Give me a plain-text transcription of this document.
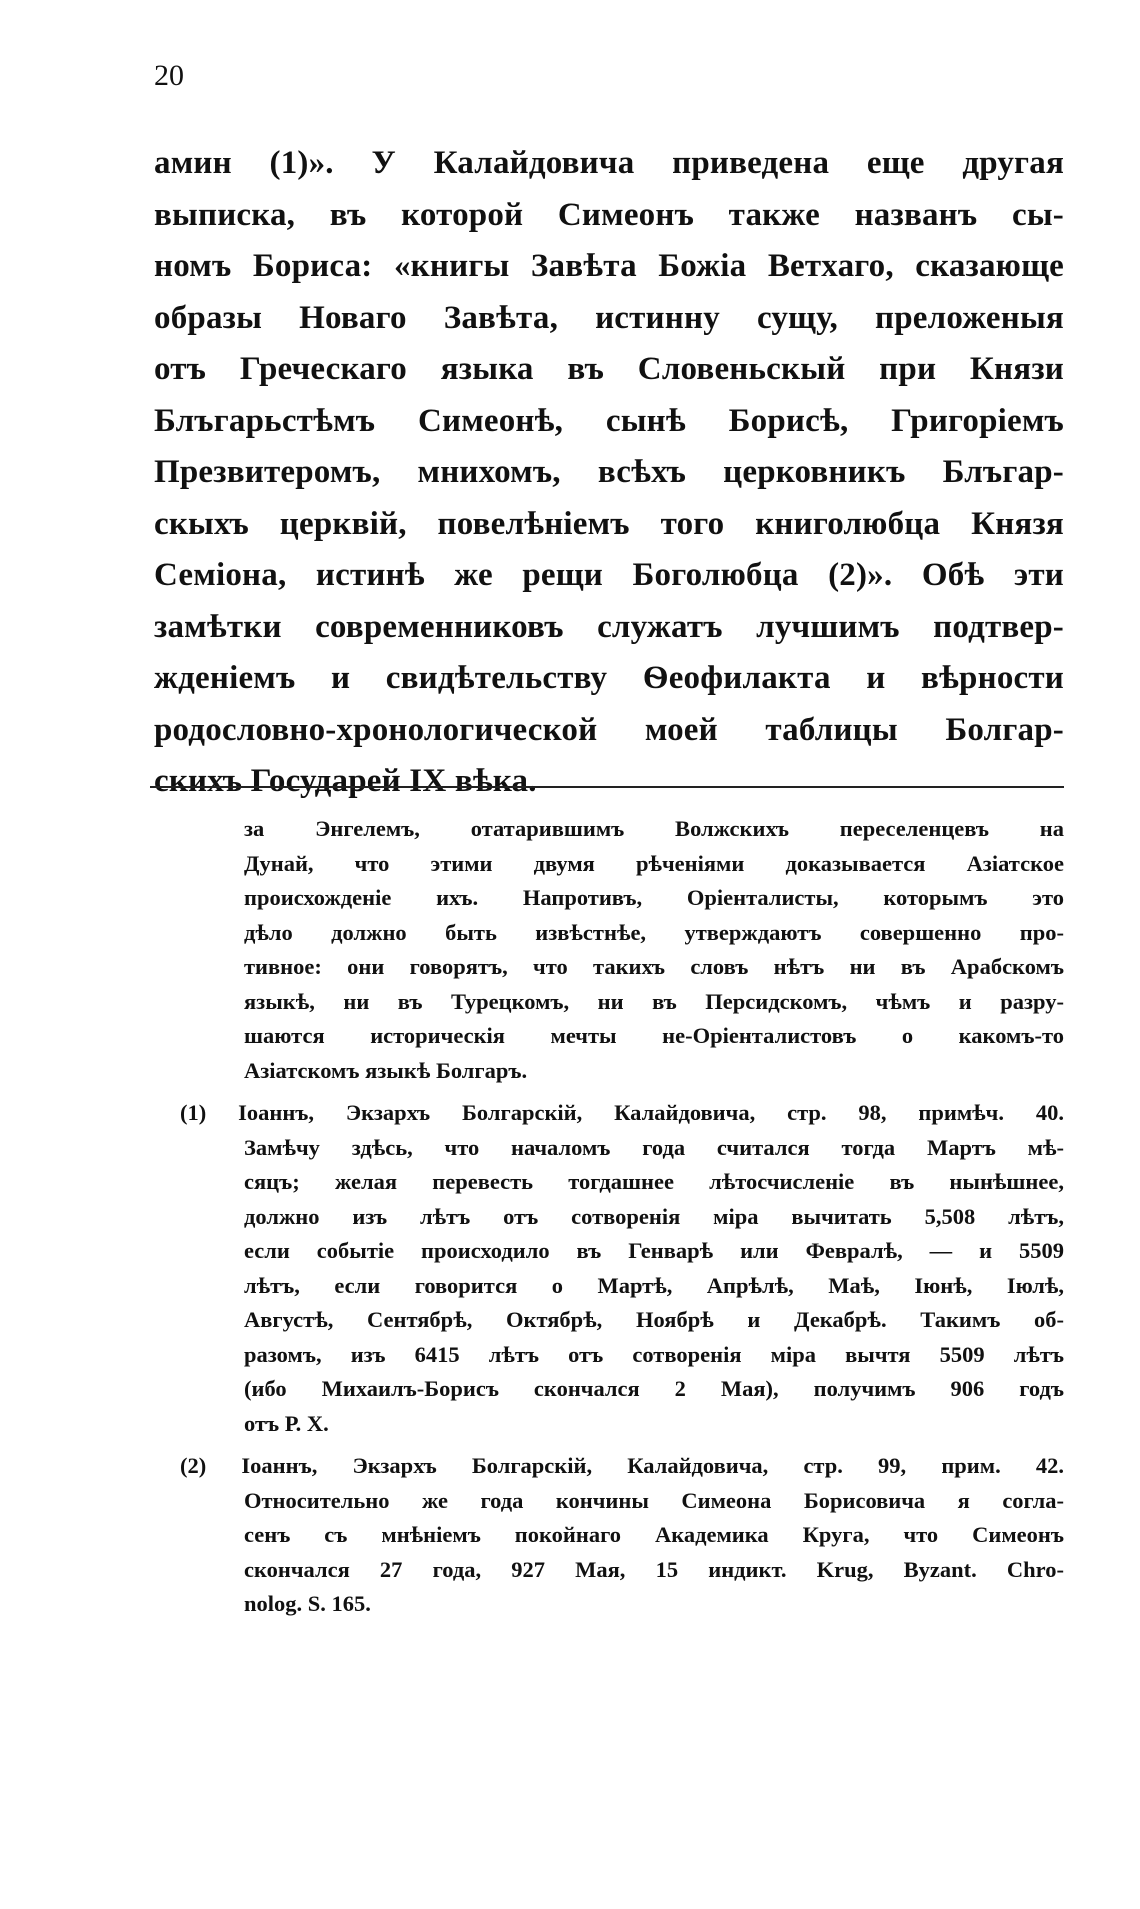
20
амин (1)». У Калайдовича приведена еще другая
выписка, въ которой Симеонъ также названъ сы-
номъ Бориса: «книгы Завѣта Божіа Ветхаго, сказающе
образы Новаго Завѣта, истинну сущу, преложеныя
отъ Греческаго языка въ Словеньскый при Князи
Блъгарьстѣмъ Симеонѣ, сынѣ Борисѣ, Григоріемъ
Презвитеромъ, мнихомъ, всѣхъ церковникъ Блъгар-
скыхъ церквій, повелѣніемъ того книголюбца Князя
Семіона, истинѣ же рещи Боголюбца (2)». Обѣ эти
замѣтки современниковъ служатъ лучшимъ подтвер-
жденіемъ и свидѣтельству Ѳеофилакта и вѣрности
родословно-хронологической моей таблицы Болгар-
скихъ Государей IX вѣка.
за Энгелемъ, отатарившимъ Волжскихъ переселенцевъ на
Дунай, что этими двумя рѣченіями доказывается Азіатское
происхожденіе ихъ. Напротивъ, Оріенталисты, которымъ это
дѣло должно быть извѣстнѣе, утверждаютъ совершенно про-
тивное: они говорятъ, что такихъ словъ нѣтъ ни въ Арабскомъ
языкѣ, ни въ Турецкомъ, ни въ Персидскомъ, чѣмъ и разру-
шаются историческія мечты не-Оріенталистовъ о какомъ-то
Азіатскомъ языкѣ Болгаръ.
(1) Іоаннъ, Экзархъ Болгарскій, Калайдовича, стр. 98, примѣч. 40.
Замѣчу здѣсь, что началомъ года считался тогда Мартъ мѣ-
сяцъ; желая перевесть тогдашнее лѣтосчисленіе въ нынѣшнее,
должно изъ лѣтъ отъ сотворенія міра вычитать 5,508 лѣтъ,
если событіе происходило въ Генварѣ или Февралѣ, — и 5509
лѣтъ, если говорится о Мартѣ, Апрѣлѣ, Маѣ, Іюнѣ, Іюлѣ,
Августѣ, Сентябрѣ, Октябрѣ, Ноябрѣ и Декабрѣ. Такимъ об-
разомъ, изъ 6415 лѣтъ отъ сотворенія міра вычтя 5509 лѣтъ
(ибо Михаилъ-Борисъ скончался 2 Мая), получимъ 906 годъ
отъ Р. Х.
(2) Іоаннъ, Экзархъ Болгарскій, Калайдовича, стр. 99, прим. 42.
Относительно же года кончины Симеона Борисовича я согла-
сенъ съ мнѣніемъ покойнаго Академика Круга, что Симеонъ
скончался 27 года, 927 Мая, 15 индикт. Krug, Byzant. Chro-
nolog. S. 165.
